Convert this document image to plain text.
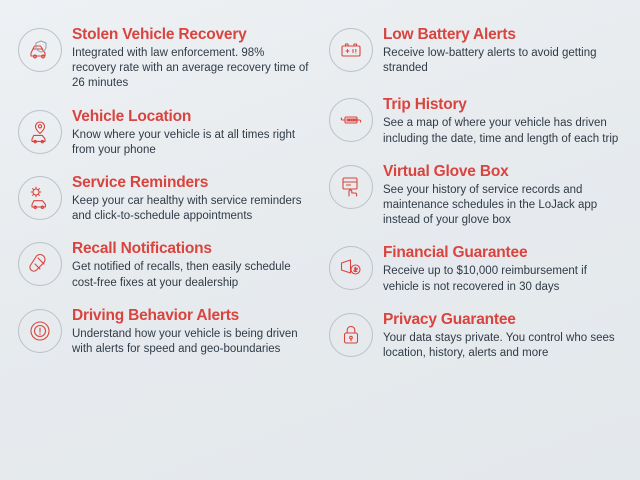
Stolen Vehicle Recovery

Integrated with law enforcement. 98% recovery rate with an average recovery time of 26 minutes

Vehicle Location

Know where your vehicle is at all times right from your phone

Service Reminders

Keep your car healthy with service reminders and click-to-schedule appointments

Recall Notifications

Get notified of recalls, then easily schedule cost-free fixes at your dealership

Driving Behavior Alerts

Understand how your vehicle is being driven with alerts for speed and geo-boundaries

Low Battery Alerts

Receive low-battery alerts to avoid getting stranded

Trip History

See a map of where your vehicle has driven including the date, time and length of each trip

Virtual Glove Box

See your history of service records and maintenance schedules in the LoJack app instead of your glove box

Financial Guarantee

Receive up to $10,000 reimbursement if vehicle is not recovered in 30 days

Privacy Guarantee

Your data stays private. You control who sees location, history, alerts and more
